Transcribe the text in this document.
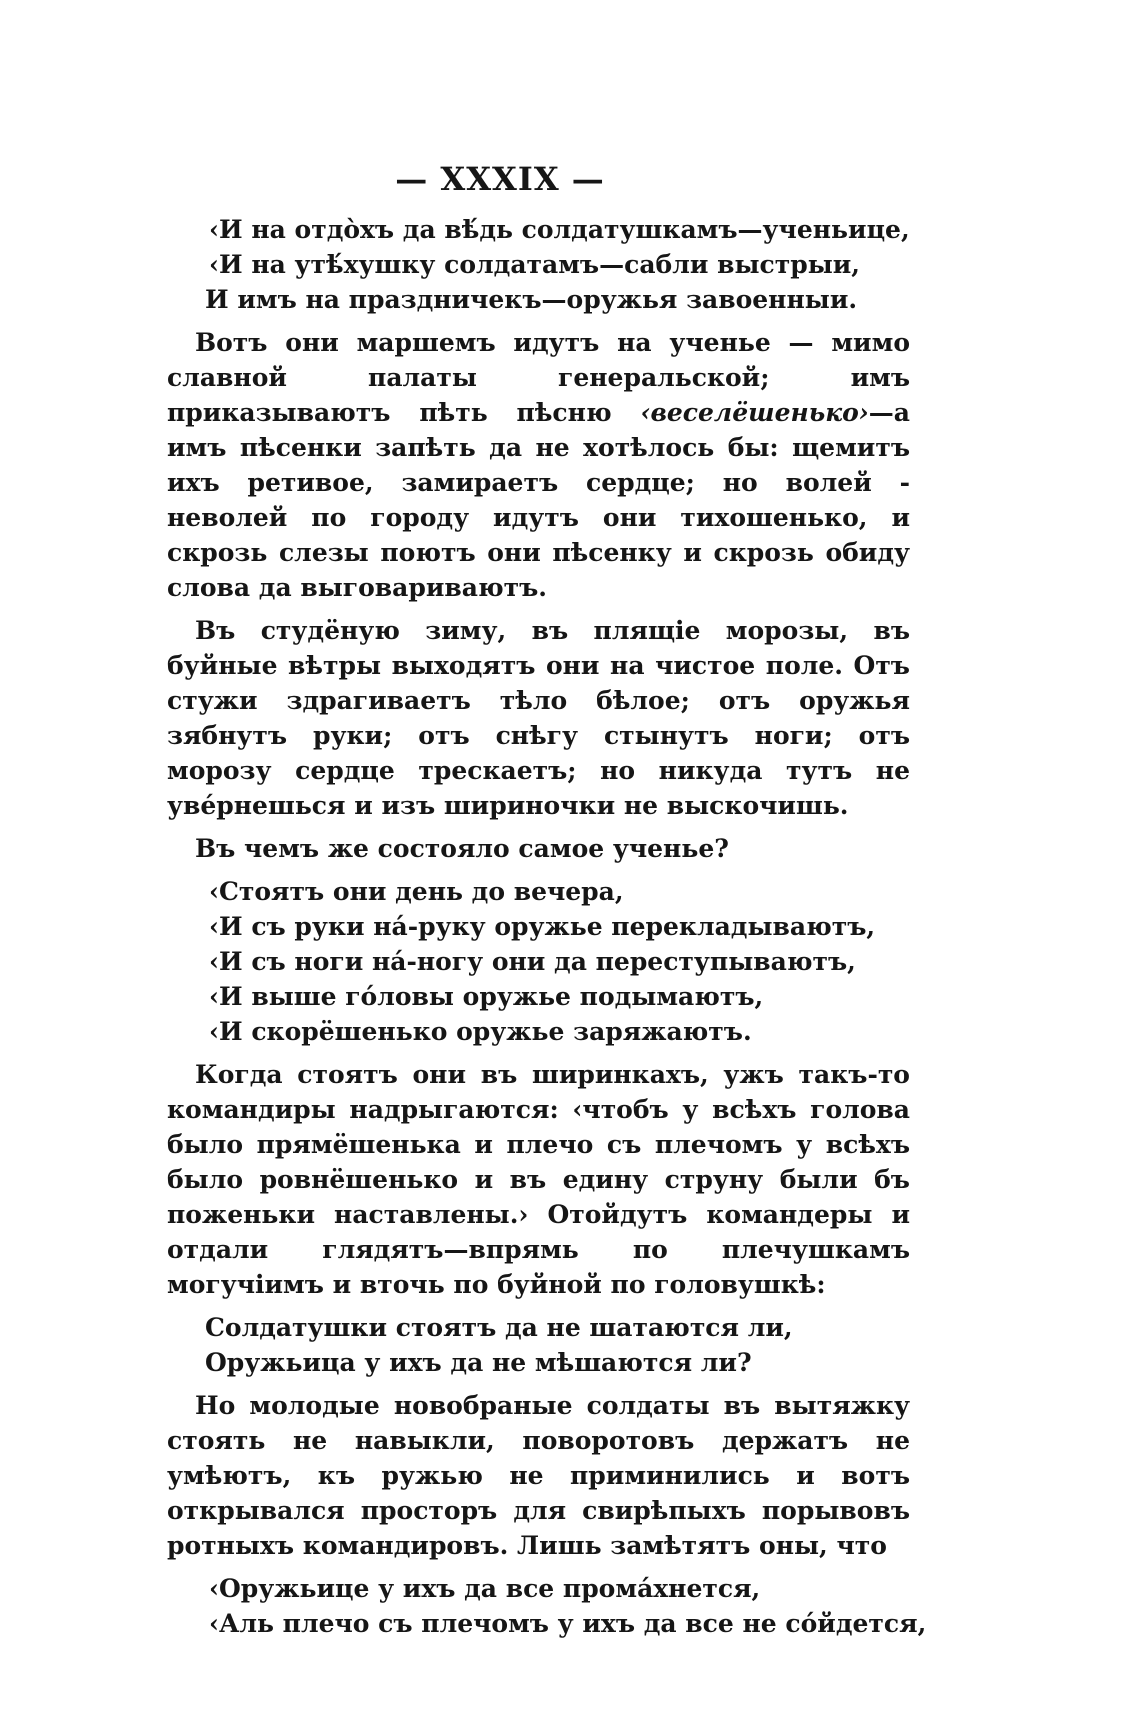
— XXXIX —
‹И на отдо̀хъ да вѣ́дь солдатушкамъ—ученьице,
‹И на утѣ́хушку солдатамъ—сабли выстрыи,
И имъ на праздничекъ—оружья завоенныи.

Вотъ они маршемъ идутъ на ученье — мимо славной палаты генеральской; имъ приказываютъ пѣть пѣсню ‹веселёшенько›—а имъ пѣсенки запѣть да не хотѣлось бы: щемитъ ихъ ретивое, замираетъ сердце; но волей - неволей по городу идутъ они тихошенько, и скрозь слезы поютъ они пѣсенку и скрозь обиду слова да выговариваютъ.

Въ студёную зиму, въ плящіе морозы, въ буйные вѣтры выходятъ они на чистое поле. Отъ стужи здрагиваетъ тѣло бѣлое; отъ оружья зябнутъ руки; отъ снѣгу стынутъ ноги; отъ морозу сердце трескаетъ; но никуда тутъ не увéрнешься и изъ шириночки не выскочишь.

Въ чемъ же состояло самое ученье?

‹Стоятъ они день до вечера,
‹И съ руки на́-руку оружье перекладываютъ,
‹И съ ноги на́-ногу они да переступываютъ,
‹И выше го́ловы оружье подымаютъ,
‹И скорёшенько оружье заряжаютъ.

Когда стоятъ они въ ширинкахъ, ужъ такъ-то командиры надрыгаются: ‹чтобъ у всѣхъ голова было прямёшенька и плечо съ плечомъ у всѣхъ было ровнёшенько и въ едину струну были бъ поженьки наставлены.› Отойдутъ командеры и отдали глядятъ—впрямь по плечушкамъ могучіимъ и вточь по буйной по головушкѣ:

Солдатушки стоятъ да не шатаются ли,
Оружьица у ихъ да не мѣшаются ли?

Но молодые новобраные солдаты въ вытяжку стоять не навыкли, поворотовъ держатъ не умѣютъ, къ ружью не приминились и вотъ открывался просторъ для свирѣпыхъ порывовъ ротныхъ командировъ. Лишь замѣтятъ оны, что

‹Оружьице у ихъ да все прома́хнется,
‹Аль плечо съ плечомъ у ихъ да все не со́йдется,
